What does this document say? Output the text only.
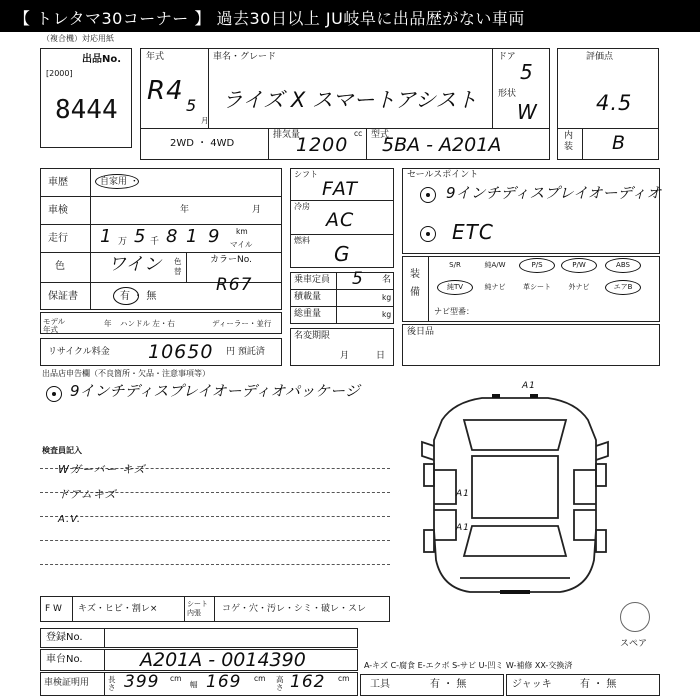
【 トレタマ30コーナー 】 過去30日以上 JU岐阜に出品歴がない車両
（複合機）対応用紙
出品No.
[2000]
8444
年式
R4 5
月
車名・グレード
ライズ X スマートアシスト
ドア
5
形状
W
2WD ・ 4WD
排気量
1200
cc 型式
5BA - A201A
評価点
4.5
内装 B
車歴	自家用 ・
車検	年	月
走行 1 万 5 千 8 1 9 km
マイル
色 ワイン 色替
カラーNo.
R67
保証書	有 ・ 無
モデル年式
年 ハンドル 左・右	ディーラー・並行
リサイクル料金 10650 円 預託済
シフト
FAT
冷房
AC
燃料
G
乗車定員 5 名
積載量	kg
総重量	kg
名変期限
月	日
セールスポイント
9インチディスプレイオーディオ
ETC
装備
S/R	純A/W	P/S	P/W	ABS
純TV	純ナビ	革シート	外ナビ	エアB
ナビ型番：
後日品
出品店申告欄（不良箇所・欠品・注意事項等）
9インチディスプレイオーディオパッケージ
検査員記入
Wガーバー キズ
ドアムキズ
A.V.
F W キズ・ヒビ・割レ×	シート内張	コゲ・穴・汚レ・シミ・破レ・スレ
A1
A1
A1
スペア
登録No.
車台No.	A201A - 0014390
車検証明用	長さ 399 cm
幅 169 cm 高さ 162 cm
A-キズ C-腐食 E-エクボ S-サビ U-凹ミ W-補修 XX-交換済
工具	有 ・ 無	ジャッキ	有 ・ 無
